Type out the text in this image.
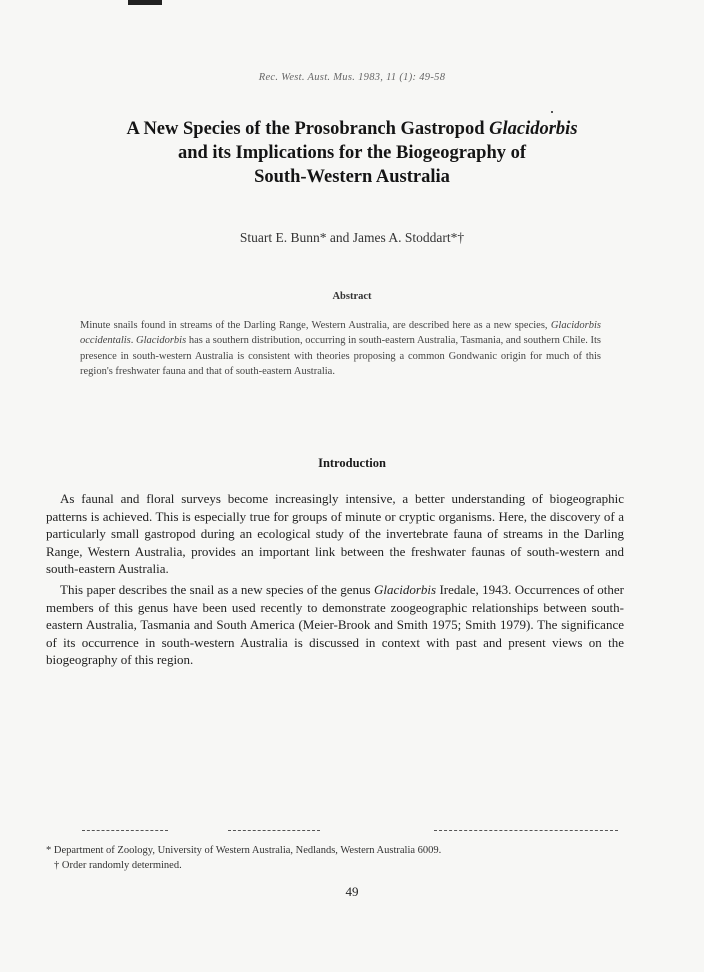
Rec. West. Aust. Mus. 1983, 11 (1): 49-58
A New Species of the Prosobranch Gastropod Glacidorbis
and its Implications for the Biogeography of
South-Western Australia
Stuart E. Bunn* and James A. Stoddart*†
Abstract
Minute snails found in streams of the Darling Range, Western Australia, are described here as a new species, Glacidorbis occidentalis. Glacidorbis has a southern distribution, occurring in south-eastern Australia, Tasmania, and southern Chile. Its presence in south-western Australia is consistent with theories proposing a common Gondwanic origin for much of this region's freshwater fauna and that of south-eastern Australia.
Introduction

As faunal and floral surveys become increasingly intensive, a better understanding of biogeographic patterns is achieved. This is especially true for groups of minute or cryptic organisms. Here, the discovery of a particularly small gastropod during an ecological study of the invertebrate fauna of streams in the Darling Range, Western Australia, provides an important link between the freshwater faunas of south-western and south-eastern Australia.

This paper describes the snail as a new species of the genus Glacidorbis Iredale, 1943. Occurrences of other members of this genus have been used recently to demonstrate zoogeographic relationships between south-eastern Australia, Tasmania and South America (Meier-Brook and Smith 1975; Smith 1979). The significance of its occurrence in south-western Australia is discussed in context with past and present views on the biogeography of this region.

* Department of Zoology, University of Western Australia, Nedlands, Western Australia 6009.

† Order randomly determined.

49
